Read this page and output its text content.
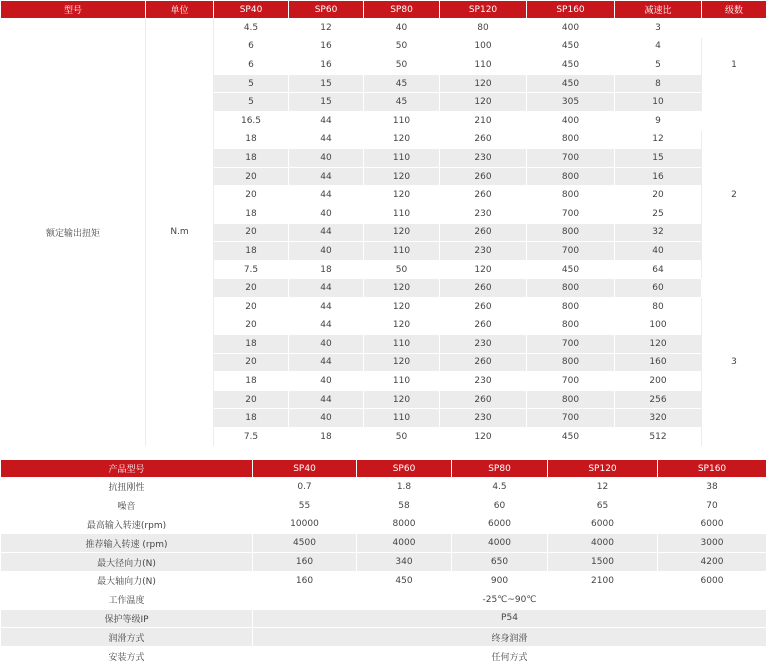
型号	单位	SP40	SP60	SP80	SP120	SP160	减速比	级数
额定输出扭矩	N.m	4.5	12	40	80	400	3	1
		6	16	50	100	450	4	
		6	16	50	110	450	5	
		5	15	45	120	450	8	
		5	15	45	120	305	10	
		16.5	44	110	210	400	9	2
		18	44	120	260	800	12	
		18	40	110	230	700	15	
		20	44	120	260	800	16	
		20	44	120	260	800	20	
		18	40	110	230	700	25	
		20	44	120	260	800	32	
		18	40	110	230	700	40	
		7.5	18	50	120	450	64	
		20	44	120	260	800	60	3
		20	44	120	260	800	80	
		20	44	120	260	800	100	
		18	40	110	230	700	120	
		20	44	120	260	800	160	
		18	40	110	230	700	200	
		20	44	120	260	800	256	
		18	40	110	230	700	320	
		7.5	18	50	120	450	512	
产品型号	SP40	SP60	SP80	SP120	SP160
抗扭刚性	0.7	1.8	4.5	12	38
噪音	55	58	60	65	70
最高输入转速(rpm)	10000	8000	6000	6000	6000
推荐输入转速 (rpm)	4500	4000	4000	4000	3000
最大径向力(N)	160	340	650	1500	4200
最大轴向力(N)	160	450	900	2100	6000
工作温度	-25℃~90℃				
保护等级IP	P54				
润滑方式	终身润滑				
安装方式	任何方式				
